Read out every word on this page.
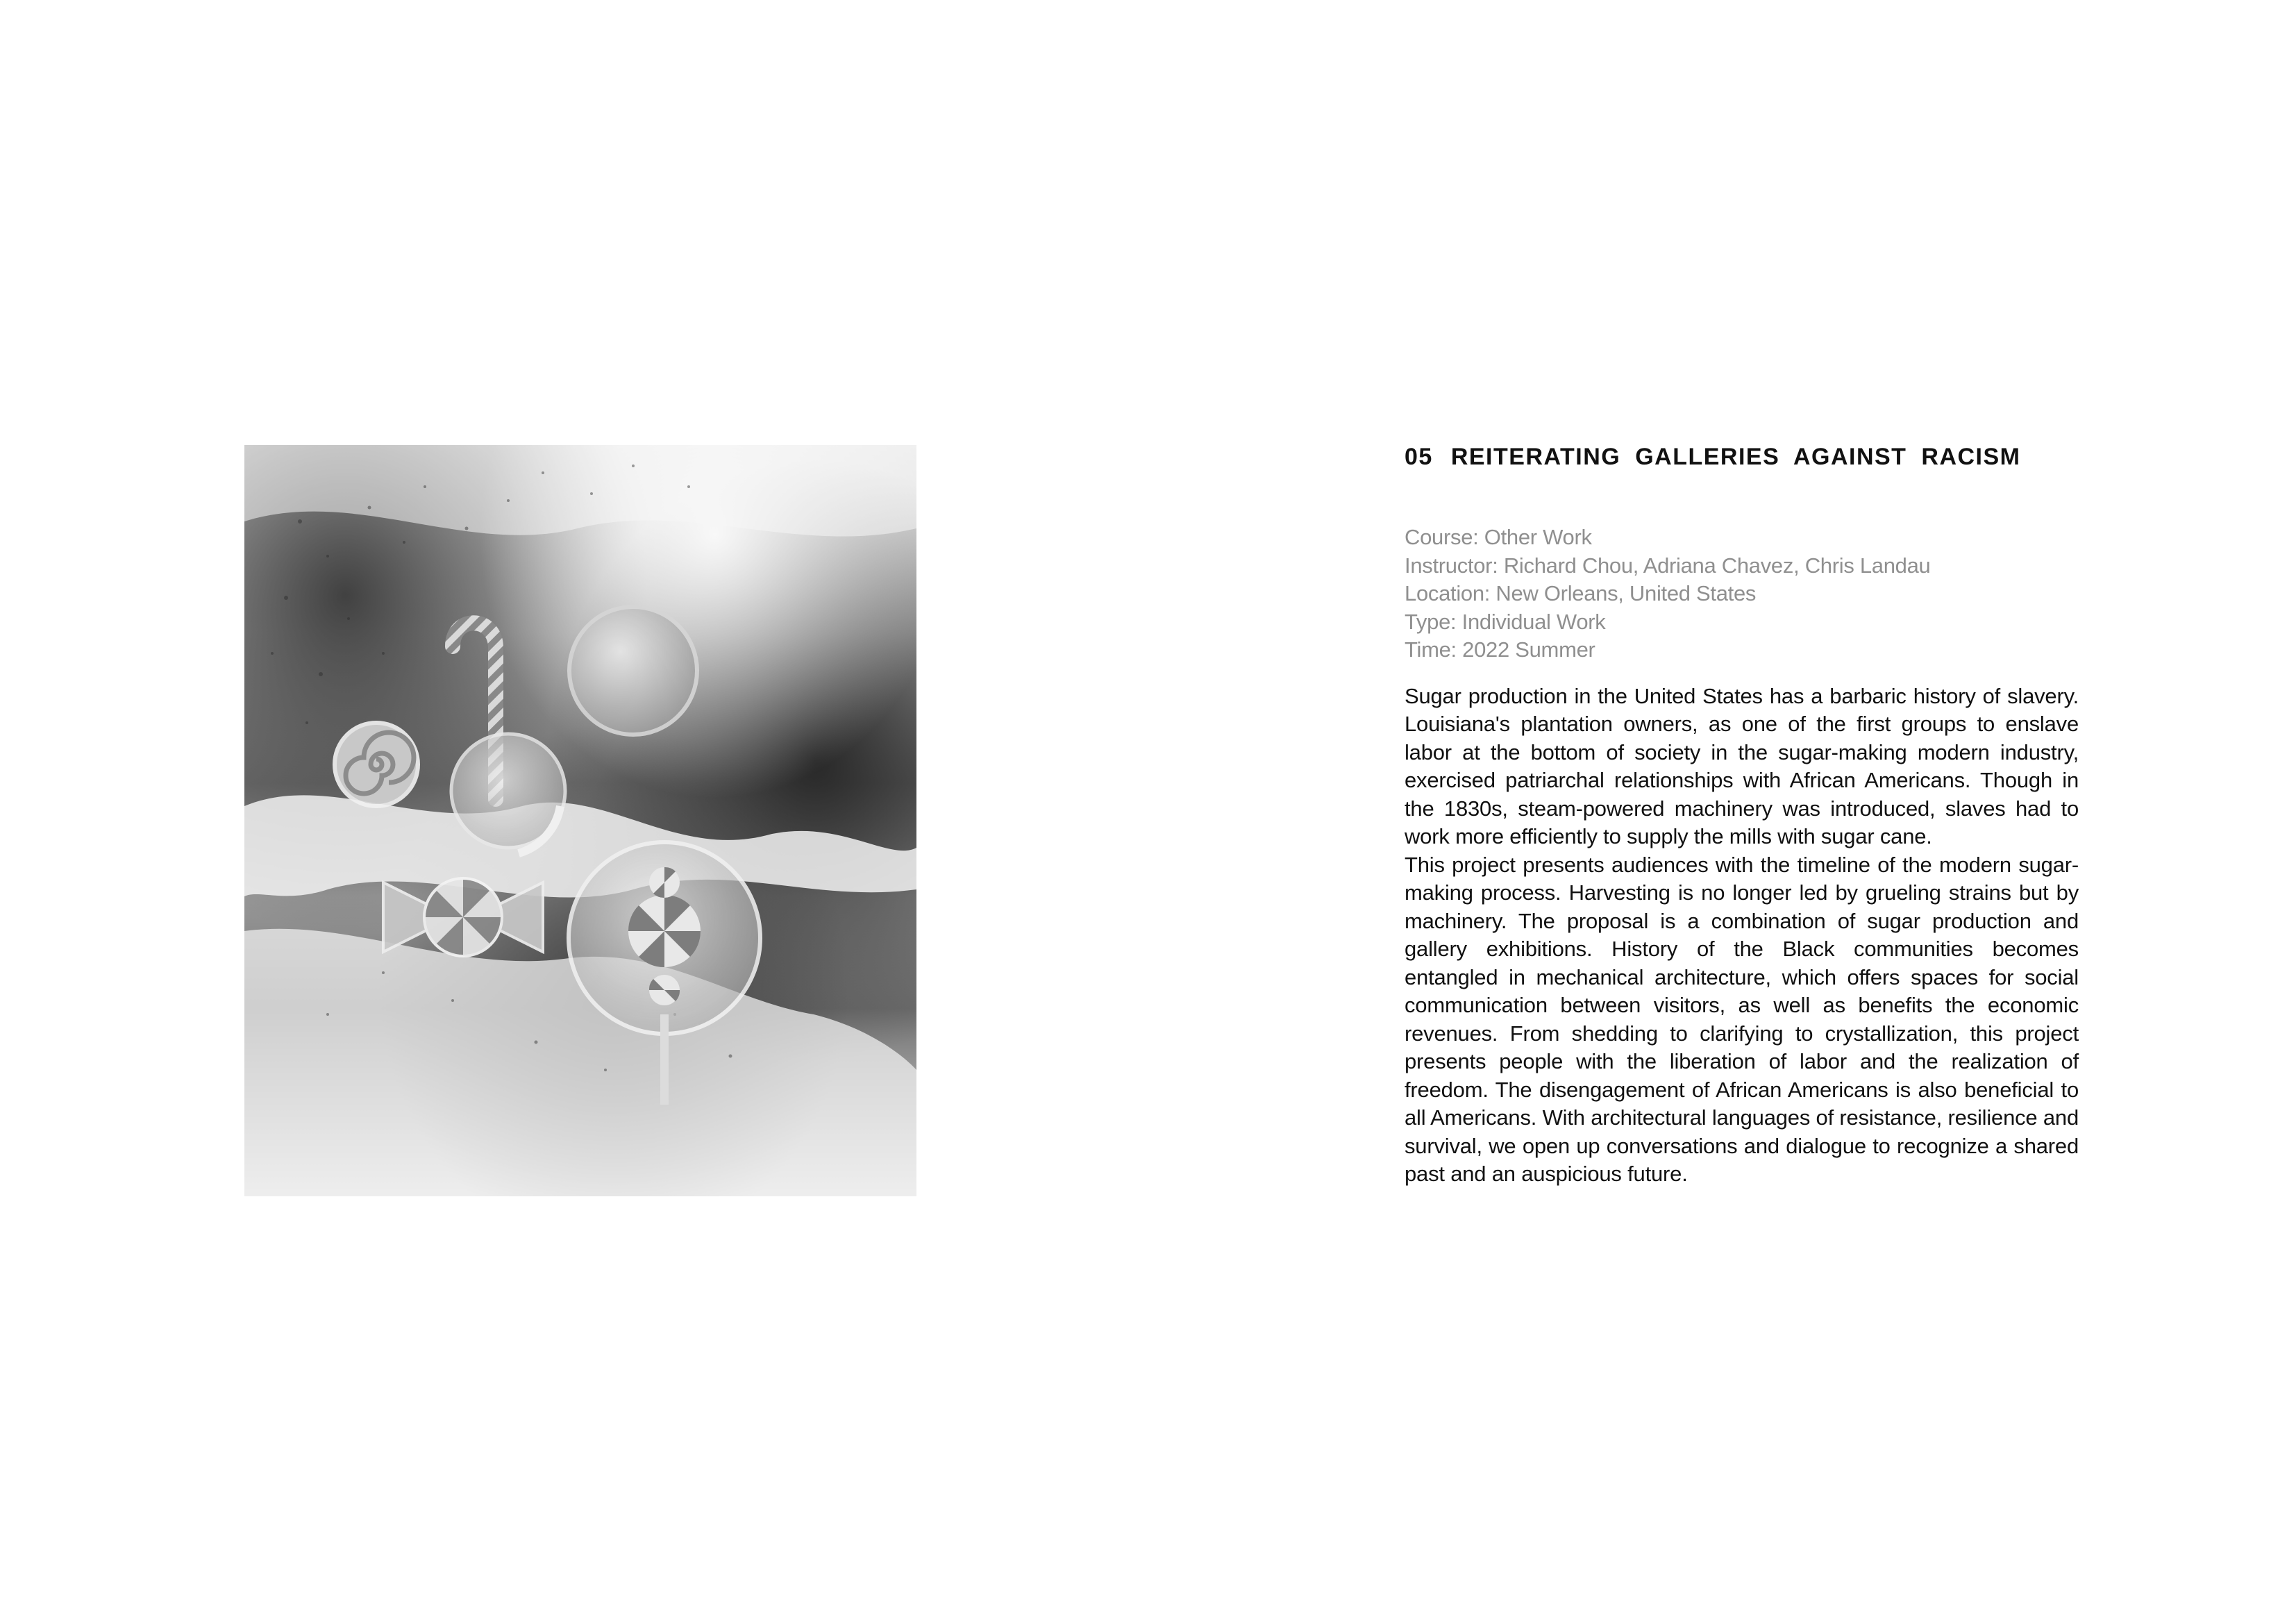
05 REITERATING GALLERIES AGAINST RACISM
Course: Other Work
Instructor: Richard Chou, Adriana Chavez, Chris Landau
Location: New Orleans, United States
Type: Individual Work
Time: 2022 Summer

Sugar production in the United States has a barbaric history of slavery. Louisiana's plantation owners, as one of the first groups to enslave labor at the bottom of society in the sugar-making modern industry, exercised patriarchal relationships with African Americans. Though in the 1830s, steam-powered machinery was introduced, slaves had to work more efficiently to supply the mills with sugar cane.

This project presents audiences with the timeline of the modern sugar-making process. Harvesting is no longer led by grueling strains but by machinery. The proposal is a combination of sugar production and gallery exhibitions. History of the Black communities becomes entangled in mechanical architecture, which offers spaces for social communication between visitors, as well as benefits the economic revenues. From shedding to clarifying to crystallization, this project presents people with the liberation of labor and the realization of freedom. The disengagement of African Americans is also beneficial to all Americans. With architectural languages of resistance, resilience and survival, we open up conversations and dialogue to recognize a shared past and an auspicious future.
